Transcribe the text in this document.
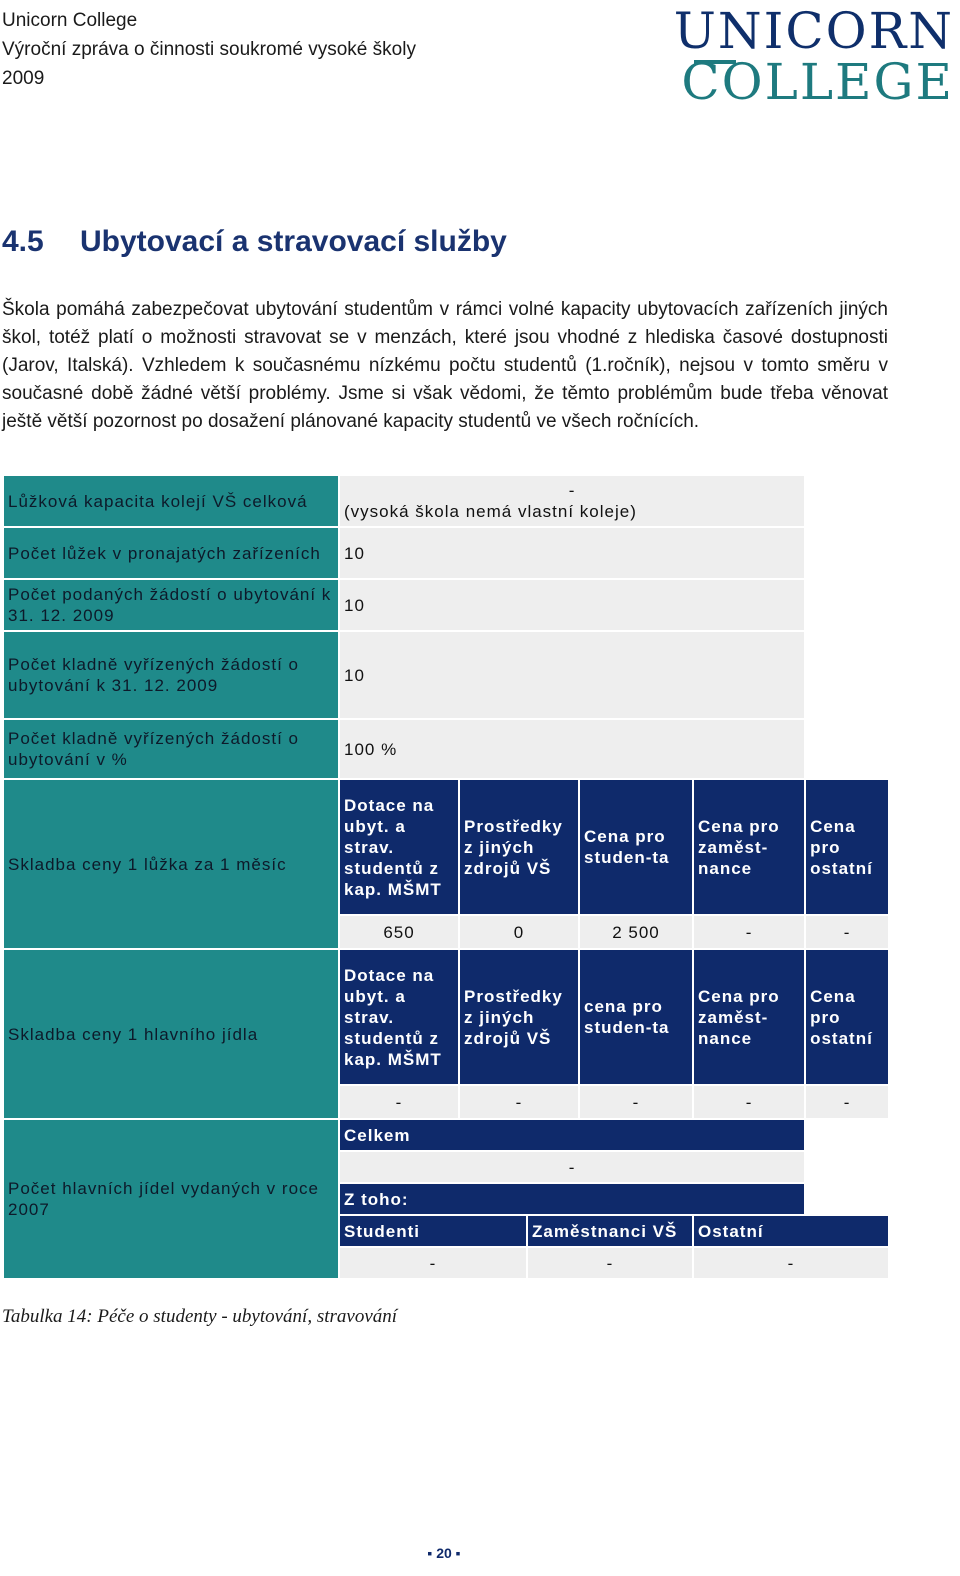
Unicorn College
Výroční zpráva o činnosti soukromé vysoké školy
2009
UNICORN
COLLEGE
4.5 Ubytovací a stravovací služby
Škola pomáhá zabezpečovat ubytování studentům v rámci volné kapacity ubytovacích zařízeních jiných škol, totéž platí o možnosti stravovat se v menzách, které jsou vhodné z hlediska časové dostupnosti (Jarov, Italská). Vzhledem k současnému nízkému počtu studentů (1.ročník), nejsou v tomto směru v současné době žádné větší problémy. Jsme si však vědomi, že těmto problémům bude třeba věnovat ještě větší pozornost po dosažení plánované kapacity studentů ve všech ročnících.
Lůžková kapacita kolejí VŠ celková	-
(vysoká škola nemá vlastní koleje)					

Počet lůžek v pronajatých zařízeních	10					
Počet podaných žádostí o ubytování k 31. 12. 2009	10					
Počet kladně vyřízených žádostí o ubytování k 31. 12. 2009	10					
Počet kladně vyřízených žádostí o ubytování v %	100 %					
Skladba ceny 1 lůžka za 1 měsíc	Dotace na ubyt. a strav. studentů z kap. MŠMT	Prostředky z jiných zdrojů VŠ		Cena pro studen-ta	Cena pro zaměst-nance	Cena pro ostatní
	650	0		2 500	-	-
Skladba ceny 1 hlavního jídla	Dotace na ubyt. a strav. studentů z kap. MŠMT	Prostředky z jiných zdrojů VŠ		cena pro studen-ta	Cena pro zaměst-nance	Cena pro ostatní
	-	-		-	-	-
Počet hlavních jídel vydaných v roce 2007	Celkem					
	-					
	Z toho:					
	Studenti		Zaměstnanci VŠ		Ostatní	
	-		-		-	
Tabulka 14: Péče o studenty - ubytování, stravování
▪ 20 ▪
